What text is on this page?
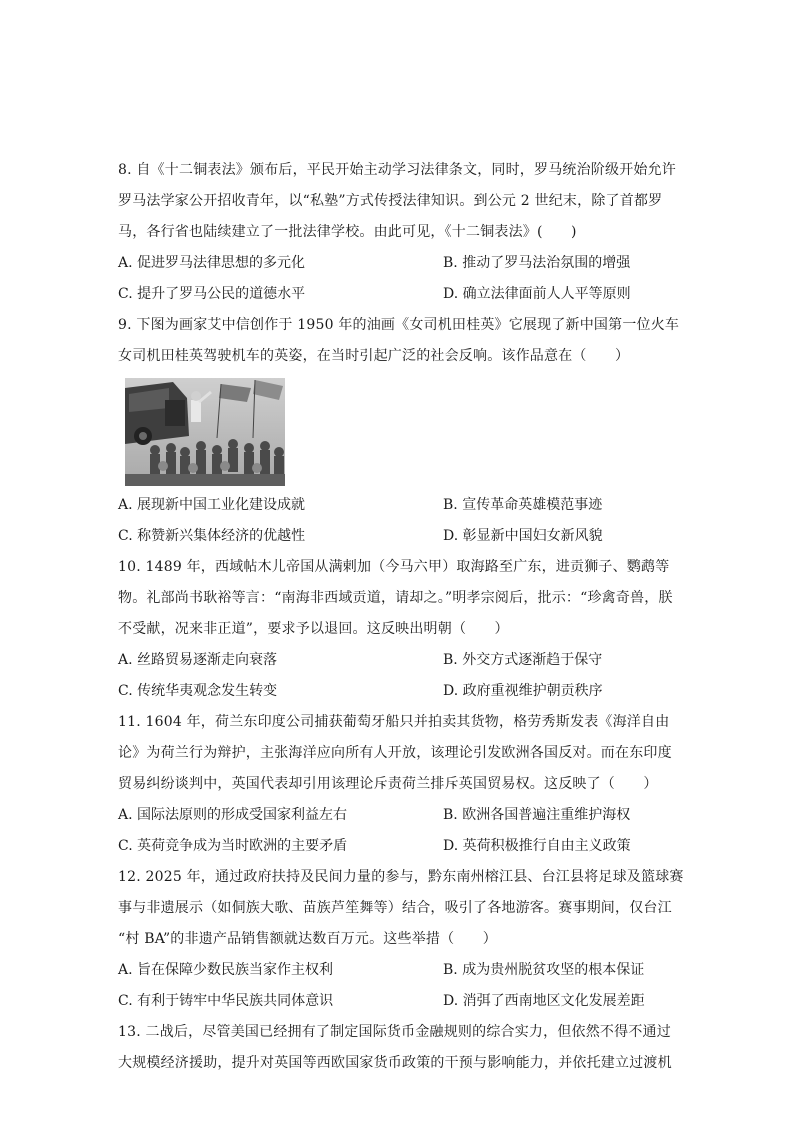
8. 自《十二铜表法》颁布后，平民开始主动学习法律条文，同时，罗马统治阶级开始允许
罗马法学家公开招收青年，以“私塾”方式传授法律知识。到公元 2 世纪末，除了首都罗
马，各行省也陆续建立了一批法律学校。由此可见，《十二铜表法》(　　)
A. 促进罗马法律思想的多元化	B. 推动了罗马法治氛围的增强
C. 提升了罗马公民的道德水平	D. 确立法律面前人人平等原则
9. 下图为画家艾中信创作于 1950 年的油画《女司机田桂英》它展现了新中国第一位火车
女司机田桂英驾驶机车的英姿，在当时引起广泛的社会反响。该作品意在（　　）
A. 展现新中国工业化建设成就	B. 宣传革命英雄模范事迹
C. 称赞新兴集体经济的优越性	D. 彰显新中国妇女新风貌
10. 1489 年，西域帖木儿帝国从满剌加（今马六甲）取海路至广东，进贡狮子、鹦鹉等
物。礼部尚书耿裕等言：“南海非西域贡道，请却之。”明孝宗阅后，批示：“珍禽奇兽，朕
不受献，况来非正道”，要求予以退回。这反映出明朝（　　）
A. 丝路贸易逐渐走向衰落	B. 外交方式逐渐趋于保守
C. 传统华夷观念发生转变	D. 政府重视维护朝贡秩序
11. 1604 年，荷兰东印度公司捕获葡萄牙船只并拍卖其货物，格劳秀斯发表《海洋自由
论》为荷兰行为辩护，主张海洋应向所有人开放，该理论引发欧洲各国反对。而在东印度
贸易纠纷谈判中，英国代表却引用该理论斥责荷兰排斥英国贸易权。这反映了（　　）
A. 国际法原则的形成受国家利益左右	B. 欧洲各国普遍注重维护海权
C. 英荷竞争成为当时欧洲的主要矛盾	D. 英荷积极推行自由主义政策
12. 2025 年，通过政府扶持及民间力量的参与，黔东南州榕江县、台江县将足球及篮球赛
事与非遗展示（如侗族大歌、苗族芦笙舞等）结合，吸引了各地游客。赛事期间，仅台江
“村 BA”的非遗产品销售额就达数百万元。这些举措（　　）
A. 旨在保障少数民族当家作主权利	B. 成为贵州脱贫攻坚的根本保证
C. 有利于铸牢中华民族共同体意识	D. 消弭了西南地区文化发展差距
13. 二战后，尽管美国已经拥有了制定国际货币金融规则的综合实力，但依然不得不通过
大规模经济援助，提升对英国等西欧国家货币政策的干预与影响能力，并依托建立过渡机
